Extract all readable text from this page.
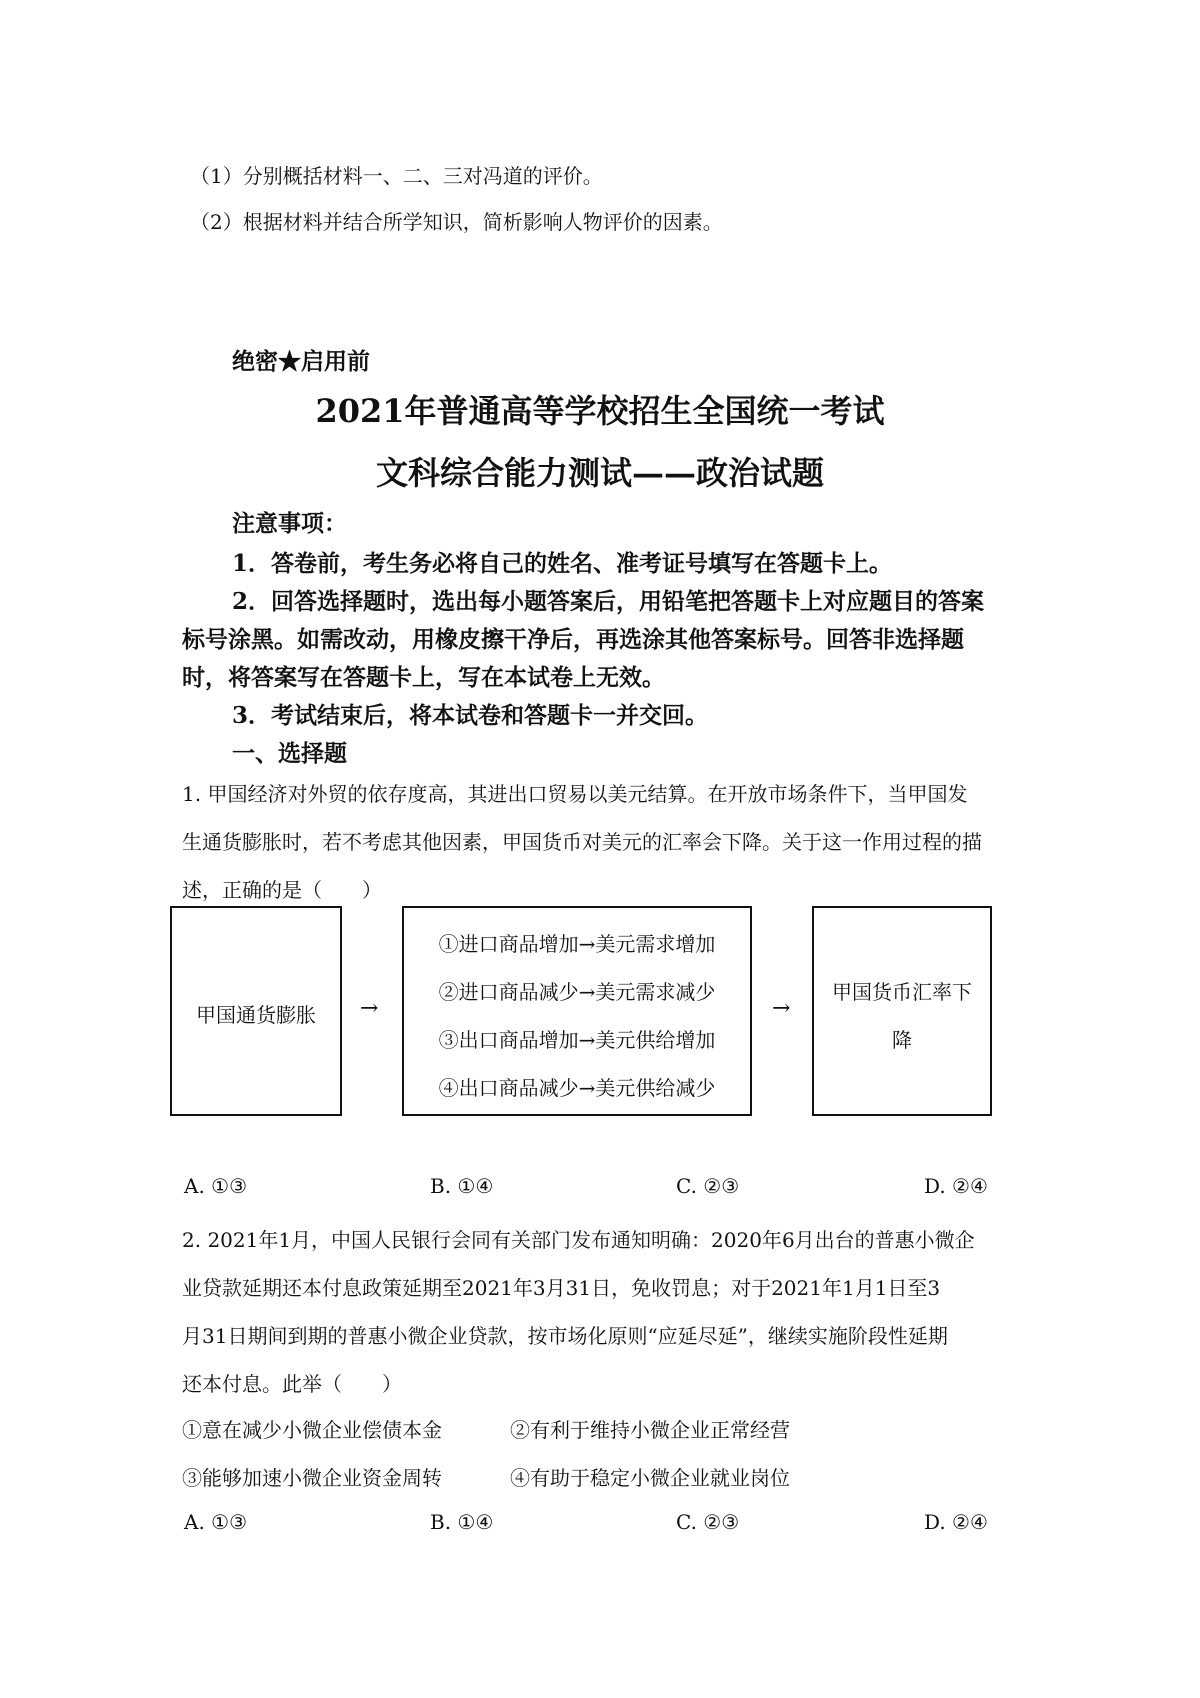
（1）分别概括材料一、二、三对冯道的评价。
（2）根据材料并结合所学知识，简析影响人物评价的因素。
绝密★启用前
2021年普通高等学校招生全国统一考试
文科综合能力测试——政治试题
注意事项：
1．答卷前，考生务必将自己的姓名、准考证号填写在答题卡上。
2．回答选择题时，选出每小题答案后，用铅笔把答题卡上对应题目的答案
标号涂黑。如需改动，用橡皮擦干净后，再选涂其他答案标号。回答非选择题
时，将答案写在答题卡上，写在本试卷上无效。
3．考试结束后，将本试卷和答题卡一并交回。
一、选择题
1. 甲国经济对外贸的依存度高，其进出口贸易以美元结算。在开放市场条件下，当甲国发
生通货膨胀时，若不考虑其他因素，甲国货币对美元的汇率会下降。关于这一作用过程的描
述，正确的是（　　）
甲国通货膨胀	→
①进口商品增加→美元需求增加
②进口商品减少→美元需求减少
③出口商品增加→美元供给增加
④出口商品减少→美元供给减少
→
甲国货币汇率下
降
A. ①③	B. ①④	C. ②③	D. ②④
2. 2021年1月，中国人民银行会同有关部门发布通知明确：2020年6月出台的普惠小微企
业贷款延期还本付息政策延期至2021年3月31日，免收罚息；对于2021年1月1日至3
月31日期间到期的普惠小微企业贷款，按市场化原则“应延尽延”，继续实施阶段性延期
还本付息。此举（　　）
①意在减少小微企业偿债本金	②有利于维持小微企业正常经营
③能够加速小微企业资金周转	④有助于稳定小微企业就业岗位
A. ①③	B. ①④	C. ②③	D. ②④
